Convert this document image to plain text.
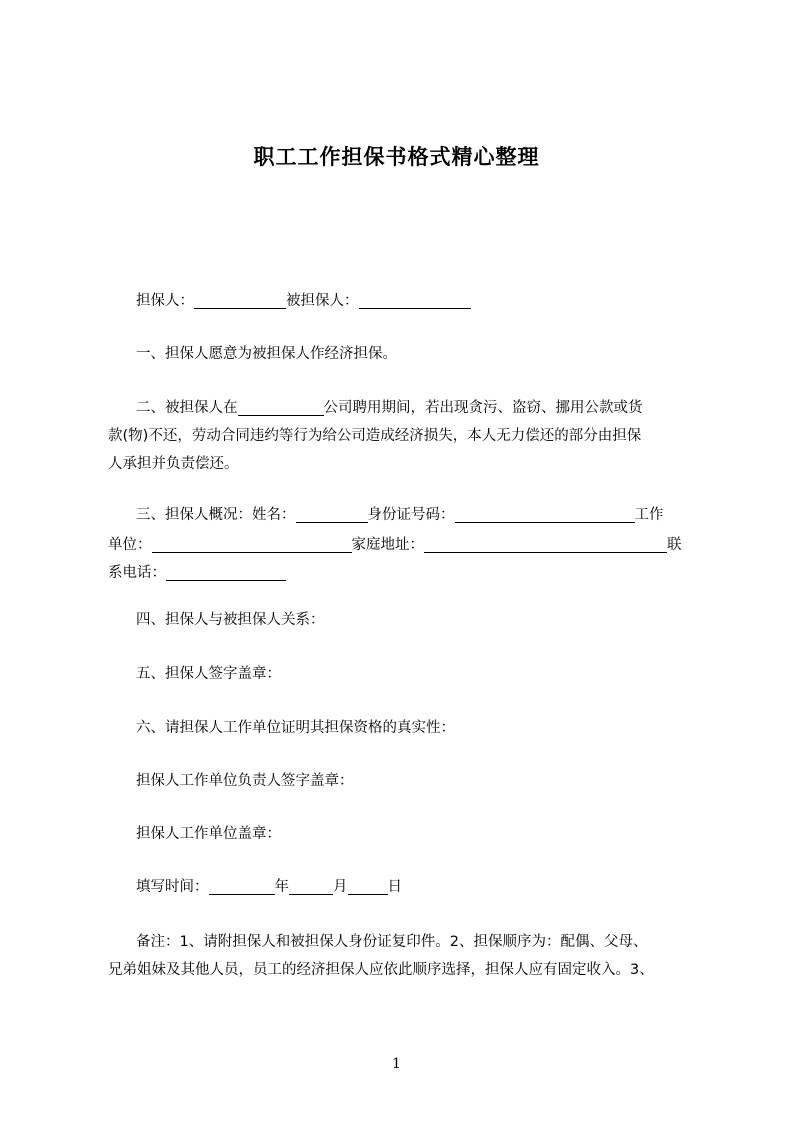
职工工作担保书格式精心整理

担保人：	被担保人：

一、担保人愿意为被担保人作经济担保。

二、被担保人在	公司聘用期间，若出现贪污、盗窃、挪用公款或货

款(物)不还，劳动合同违约等行为给公司造成经济损失，本人无力偿还的部分由担保

人承担并负责偿还。

三、担保人概况：姓名：	身份证号码：	工作

单位：	家庭地址：	联

系电话：

四、担保人与被担保人关系：

五、担保人签字盖章：

六、请担保人工作单位证明其担保资格的真实性：

担保人工作单位负责人签字盖章：

担保人工作单位盖章：

填写时间：	年	月	日

备注：1、请附担保人和被担保人身份证复印件。2、担保顺序为：配偶、父母、

兄弟姐妹及其他人员，员工的经济担保人应依此顺序选择，担保人应有固定收入。3、

1
